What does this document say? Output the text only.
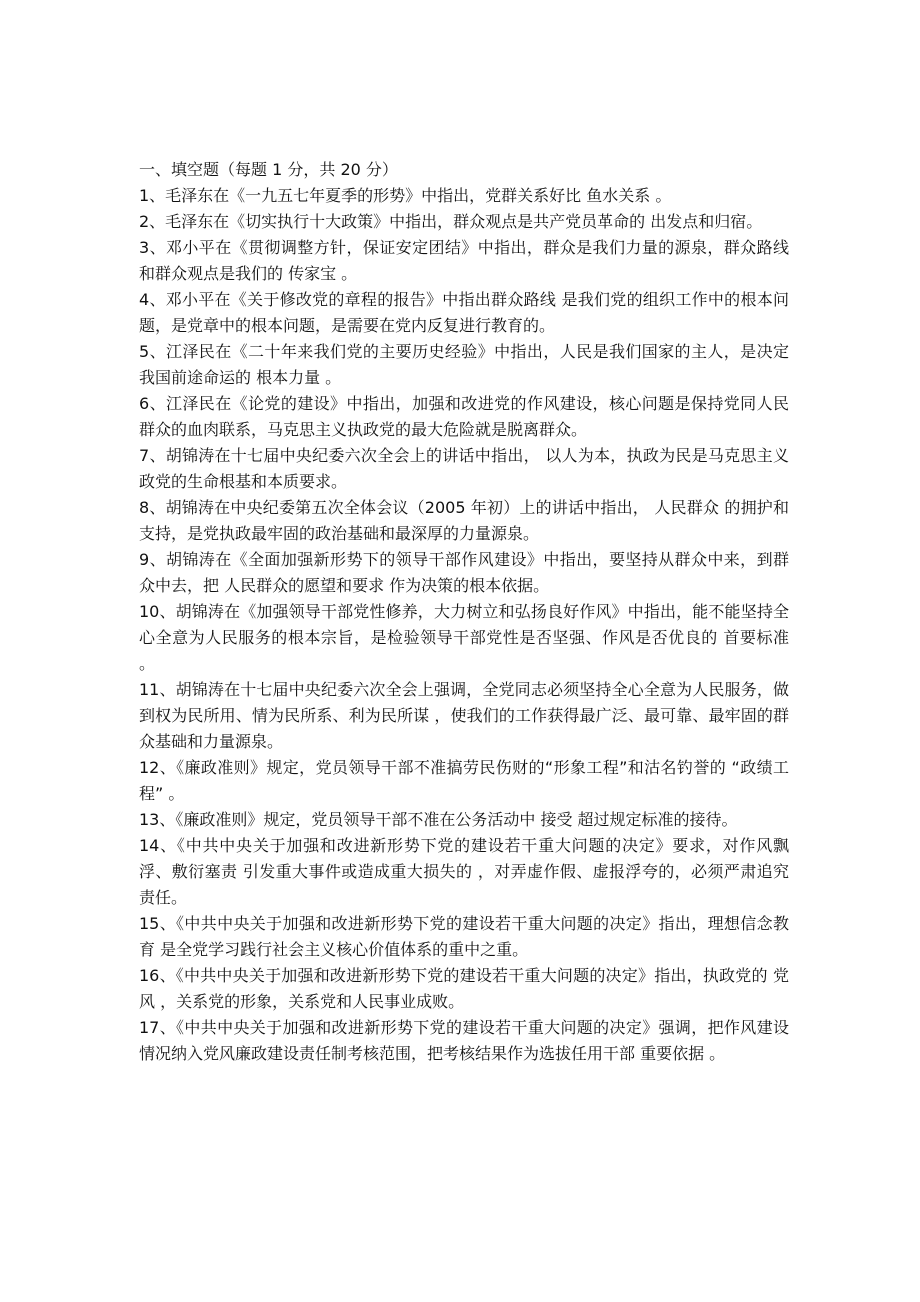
一、填空题（每题 1 分，共 20 分）

1、毛泽东在《一九五七年夏季的形势》中指出，党群关系好比 鱼水关系 。

2、毛泽东在《切实执行十大政策》中指出，群众观点是共产党员革命的 出发点和归宿。

3、邓小平在《贯彻调整方针，保证安定团结》中指出，群众是我们力量的源泉，群众路线和群众观点是我们的 传家宝 。

4、邓小平在《关于修改党的章程的报告》中指出群众路线 是我们党的组织工作中的根本问题，是党章中的根本问题，是需要在党内反复进行教育的。

5、江泽民在《二十年来我们党的主要历史经验》中指出，人民是我们国家的主人，是决定我国前途命运的 根本力量 。

6、江泽民在《论党的建设》中指出，加强和改进党的作风建设，核心问题是保持党同人民群众的血肉联系，马克思主义执政党的最大危险就是脱离群众。

7、胡锦涛在十七届中央纪委六次全会上的讲话中指出， 以人为本，执政为民是马克思主义政党的生命根基和本质要求。

8、胡锦涛在中央纪委第五次全体会议（2005 年初）上的讲话中指出， 人民群众 的拥护和支持，是党执政最牢固的政治基础和最深厚的力量源泉。

9、胡锦涛在《全面加强新形势下的领导干部作风建设》中指出，要坚持从群众中来，到群众中去，把 人民群众的愿望和要求 作为决策的根本依据。

10、胡锦涛在《加强领导干部党性修养，大力树立和弘扬良好作风》中指出，能不能坚持全心全意为人民服务的根本宗旨，是检验领导干部党性是否坚强、作风是否优良的 首要标准 。

11、胡锦涛在十七届中央纪委六次全会上强调，全党同志必须坚持全心全意为人民服务，做到权为民所用、情为民所系、利为民所谋 ，使我们的工作获得最广泛、最可靠、最牢固的群众基础和力量源泉。

12、《廉政准则》规定，党员领导干部不准搞劳民伤财的“形象工程”和沽名钓誉的 “政绩工程” 。

13、《廉政准则》规定，党员领导干部不准在公务活动中 接受 超过规定标准的接待。

14、《中共中央关于加强和改进新形势下党的建设若干重大问题的决定》要求，对作风飘浮、敷衍塞责 引发重大事件或造成重大损失的 ，对弄虚作假、虚报浮夸的，必须严肃追究责任。

15、《中共中央关于加强和改进新形势下党的建设若干重大问题的决定》指出，理想信念教育 是全党学习践行社会主义核心价值体系的重中之重。

16、《中共中央关于加强和改进新形势下党的建设若干重大问题的决定》指出，执政党的 党风 ，关系党的形象，关系党和人民事业成败。

17、《中共中央关于加强和改进新形势下党的建设若干重大问题的决定》强调，把作风建设情况纳入党风廉政建设责任制考核范围，把考核结果作为选拔任用干部 重要依据 。
